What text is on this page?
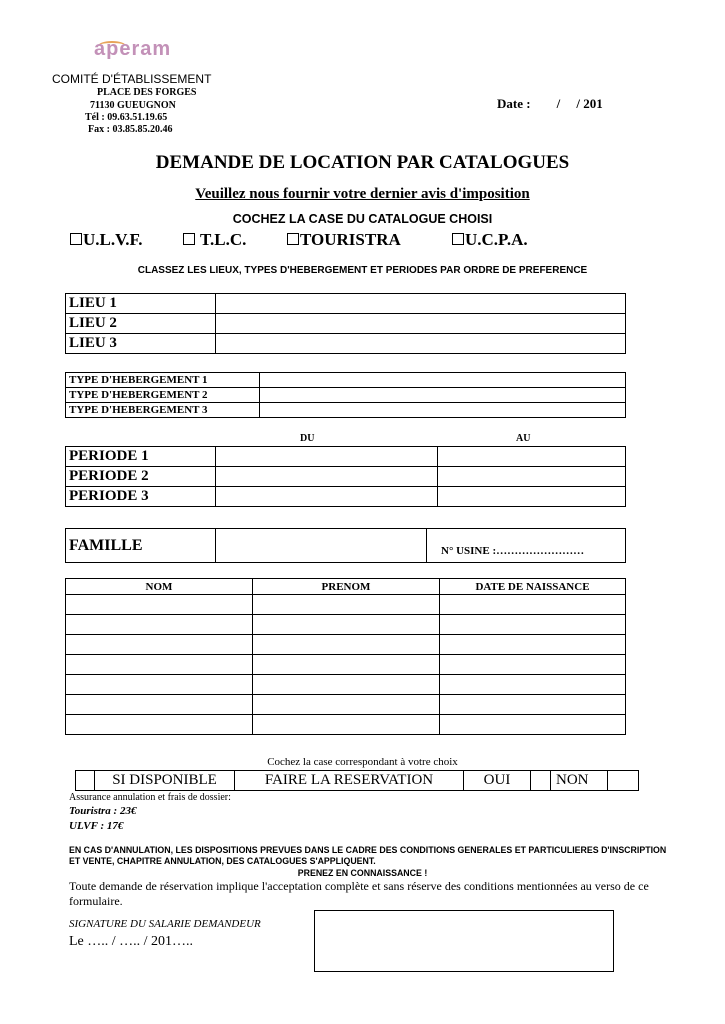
aperam
COMITÉ D'ÉTABLISSEMENT
PLACE DES FORGES
71130 GUEUGNON
Tél : 09.63.51.19.65
Fax : 03.85.85.20.46
Date :        /     / 201
DEMANDE DE LOCATION PAR CATALOGUES
Veuillez nous fournir votre dernier avis d'imposition
COCHEZ LA CASE DU CATALOGUE CHOISI
U.L.V.F.	T.L.C.	TOURISTRA	U.C.P.A.
CLASSEZ LES LIEUX, TYPES D'HEBERGEMENT ET PERIODES PAR ORDRE DE PREFERENCE
LIEU 1	
LIEU 2	
LIEU 3	
TYPE D'HEBERGEMENT 1	
TYPE D'HEBERGEMENT 2	
TYPE D'HEBERGEMENT 3	
DU	AU
PERIODE 1		
PERIODE 2		
PERIODE 3		
FAMILLE		N° USINE :……………………
NOM	PRENOM	DATE DE NAISSANCE

Cochez la case correspondant à votre choix
	SI DISPONIBLE	FAIRE LA RESERVATION	OUI		NON	
Assurance annulation et frais de dossier:
Touristra : 23€
ULVF : 17€
EN CAS D'ANNULATION, LES DISPOSITIONS PREVUES DANS LE CADRE DES CONDITIONS GENERALES ET PARTICULIERES D'INSCRIPTION ET VENTE, CHAPITRE ANNULATION, DES CATALOGUES S'APPLIQUENT.
PRENEZ EN CONNAISSANCE !
Toute demande de réservation implique l'acceptation complète et sans réserve des conditions mentionnées au verso de ce formulaire.
SIGNATURE DU SALARIE DEMANDEUR
Le ….. / ….. / 201…..
